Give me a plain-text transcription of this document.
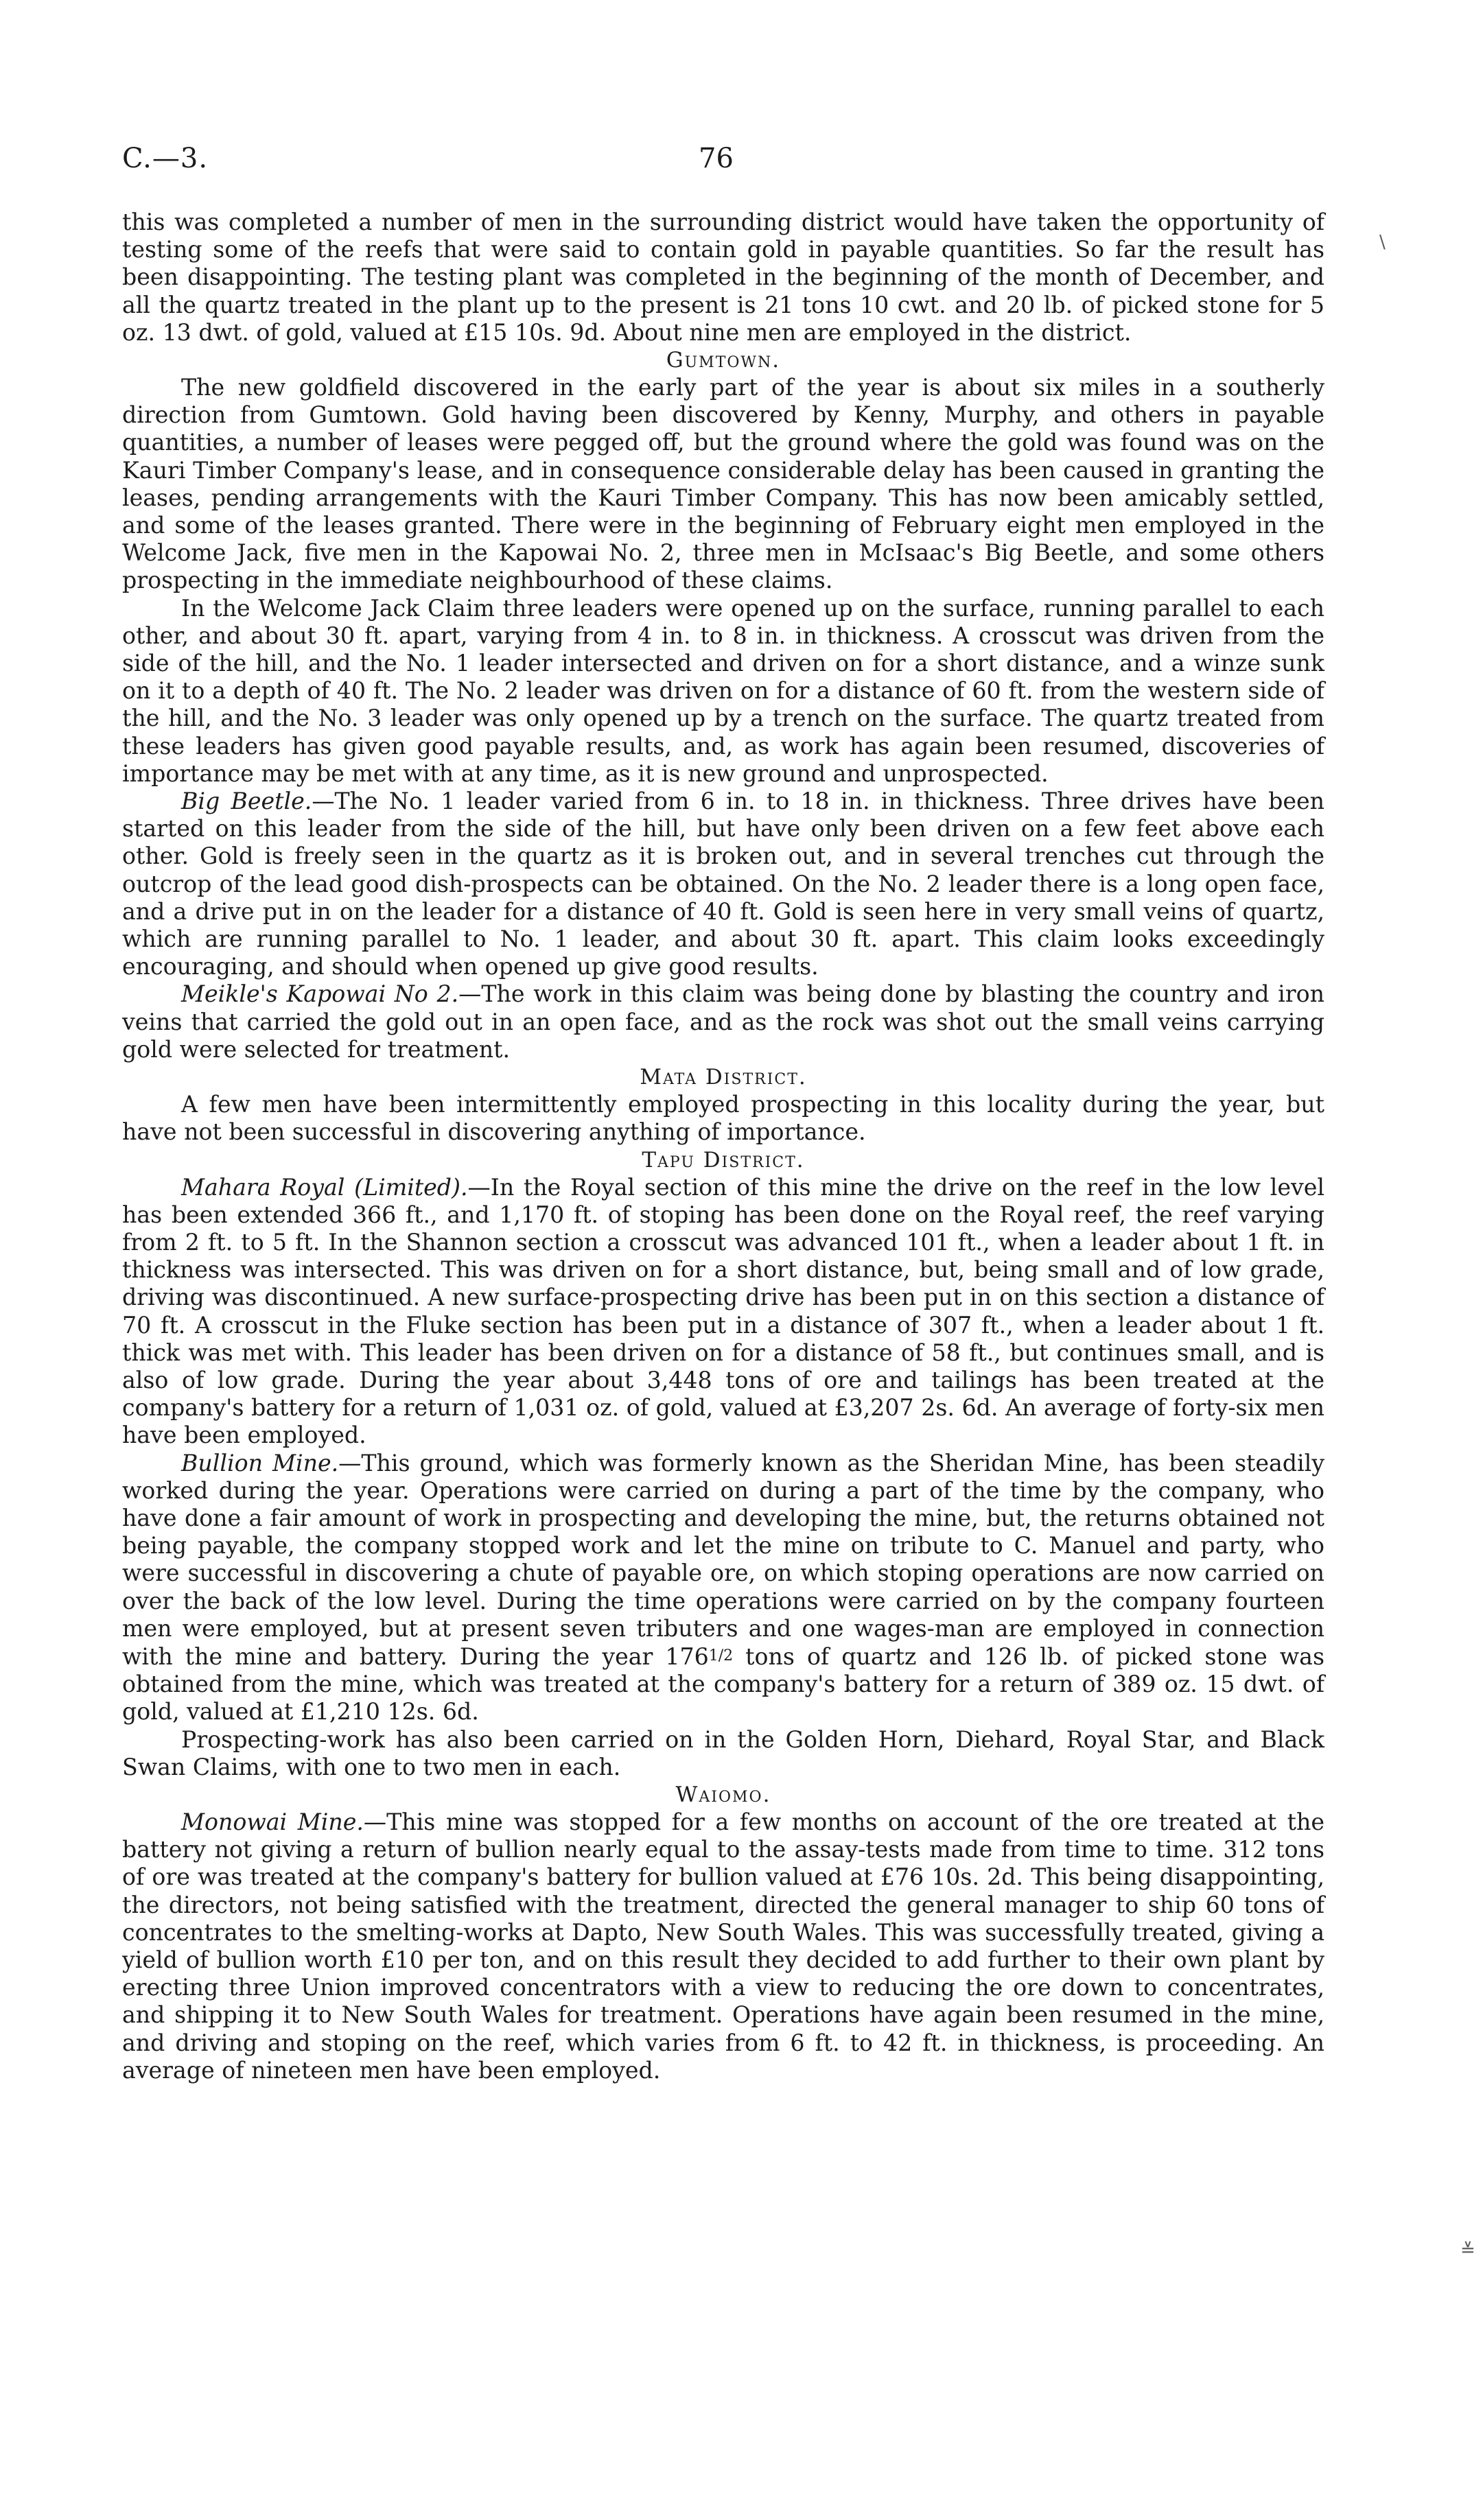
C.—3.	76
\
≚

this was completed a number of men in the surrounding district would have taken the opportunity of testing some of the reefs that were said to contain gold in payable quantities. So far the result has been disappointing. The testing plant was completed in the beginning of the month of December, and all the quartz treated in the plant up to the present is 21 tons 10 cwt. and 20 lb. of picked stone for 5 oz. 13 dwt. of gold, valued at £15 10s. 9d. About nine men are employed in the district.

Gumtown.

The new goldfield discovered in the early part of the year is about six miles in a southerly direction from Gumtown. Gold having been discovered by Kenny, Murphy, and others in payable quantities, a number of leases were pegged off, but the ground where the gold was found was on the Kauri Timber Company's lease, and in consequence considerable delay has been caused in granting the leases, pending arrangements with the Kauri Timber Company. This has now been amicably settled, and some of the leases granted. There were in the beginning of February eight men employed in the Welcome Jack, five men in the Kapowai No. 2, three men in McIsaac's Big Beetle, and some others prospecting in the immediate neighbourhood of these claims.

In the Welcome Jack Claim three leaders were opened up on the surface, running parallel to each other, and about 30 ft. apart, varying from 4 in. to 8 in. in thickness. A crosscut was driven from the side of the hill, and the No. 1 leader intersected and driven on for a short distance, and a winze sunk on it to a depth of 40 ft. The No. 2 leader was driven on for a distance of 60 ft. from the western side of the hill, and the No. 3 leader was only opened up by a trench on the surface. The quartz treated from these leaders has given good payable results, and, as work has again been resumed, discoveries of importance may be met with at any time, as it is new ground and unprospected.

Big Beetle.—The No. 1 leader varied from 6 in. to 18 in. in thickness. Three drives have been started on this leader from the side of the hill, but have only been driven on a few feet above each other. Gold is freely seen in the quartz as it is broken out, and in several trenches cut through the outcrop of the lead good dish-prospects can be obtained. On the No. 2 leader there is a long open face, and a drive put in on the leader for a distance of 40 ft. Gold is seen here in very small veins of quartz, which are running parallel to No. 1 leader, and about 30 ft. apart. This claim looks exceedingly encouraging, and should when opened up give good results.

Meikle's Kapowai No 2.—The work in this claim was being done by blasting the country and iron veins that carried the gold out in an open face, and as the rock was shot out the small veins carrying gold were selected for treatment.

Mata District.

A few men have been intermittently employed prospecting in this locality during the year, but have not been successful in discovering anything of importance.

Tapu District.

Mahara Royal (Limited).—In the Royal section of this mine the drive on the reef in the low level has been extended 366 ft., and 1,170 ft. of stoping has been done on the Royal reef, the reef varying from 2 ft. to 5 ft. In the Shannon section a crosscut was advanced 101 ft., when a leader about 1 ft. in thickness was intersected. This was driven on for a short distance, but, being small and of low grade, driving was discontinued. A new surface-prospecting drive has been put in on this section a distance of 70 ft. A crosscut in the Fluke section has been put in a distance of 307 ft., when a leader about 1 ft. thick was met with. This leader has been driven on for a distance of 58 ft., but continues small, and is also of low grade. During the year about 3,448 tons of ore and tailings has been treated at the company's battery for a return of 1,031 oz. of gold, valued at £3,207 2s. 6d. An average of forty-six men have been employed.

Bullion Mine.—This ground, which was formerly known as the Sheridan Mine, has been steadily worked during the year. Operations were carried on during a part of the time by the company, who have done a fair amount of work in prospecting and developing the mine, but, the returns obtained not being payable, the company stopped work and let the mine on tribute to C. Manuel and party, who were successful in discovering a chute of payable ore, on which stoping operations are now carried on over the back of the low level. During the time operations were carried on by the company fourteen men were employed, but at present seven tributers and one wages-man are employed in connection with the mine and battery. During the year 1761/2 tons of quartz and 126 lb. of picked stone was obtained from the mine, which was treated at the company's battery for a return of 389 oz. 15 dwt. of gold, valued at £1,210 12s. 6d.

Prospecting-work has also been carried on in the Golden Horn, Diehard, Royal Star, and Black Swan Claims, with one to two men in each.

Waiomo.

Monowai Mine.—This mine was stopped for a few months on account of the ore treated at the battery not giving a return of bullion nearly equal to the assay-tests made from time to time. 312 tons of ore was treated at the company's battery for bullion valued at £76 10s. 2d. This being disappointing, the directors, not being satisfied with the treatment, directed the general manager to ship 60 tons of concentrates to the smelting-works at Dapto, New South Wales. This was successfully treated, giving a yield of bullion worth £10 per ton, and on this result they decided to add further to their own plant by erecting three Union improved concentrators with a view to reducing the ore down to concentrates, and shipping it to New South Wales for treatment. Operations have again been resumed in the mine, and driving and stoping on the reef, which varies from 6 ft. to 42 ft. in thickness, is proceeding. An average of nineteen men have been employed.
